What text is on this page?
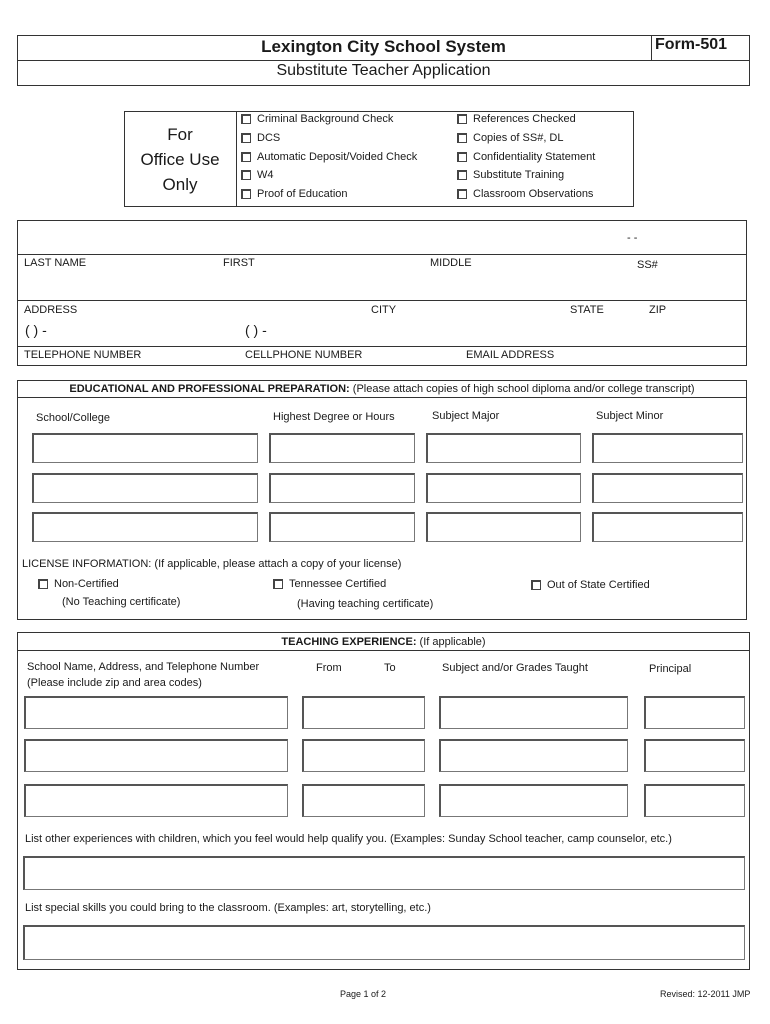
Lexington City School System	Form-501
Substitute Teacher Application
For
Office Use
Only
Criminal Background Check
DCS
Automatic Deposit/Voided Check
W4
Proof of Education
References Checked
Copies of SS#, DL
Confidentiality Statement
Substitute Training
Classroom Observations
- -
LAST NAME	FIRST	MIDDLE	SS#
ADDRESS	CITY	STATE	ZIP
( ) -	( ) -
TELEPHONE NUMBER	CELLPHONE NUMBER	EMAIL ADDRESS
EDUCATIONAL AND PROFESSIONAL PREPARATION: (Please attach copies of high school diploma and/or college transcript)
School/College	Highest Degree or Hours	Subject Major	Subject Minor
LICENSE INFORMATION: (If applicable, please attach a copy of your license)
Non-Certified
(No Teaching certificate)
Tennessee Certified
(Having teaching certificate)
Out of State Certified
TEACHING EXPERIENCE: (If applicable)
School Name, Address, and Telephone Number
(Please include zip and area codes)
From	To	Subject and/or Grades Taught	Principal
List other experiences with children, which you feel would help qualify you. (Examples: Sunday School teacher, camp counselor, etc.)
List special skills you could bring to the classroom. (Examples: art, storytelling, etc.)
Page 1 of 2	Revised: 12-2011 JMP
